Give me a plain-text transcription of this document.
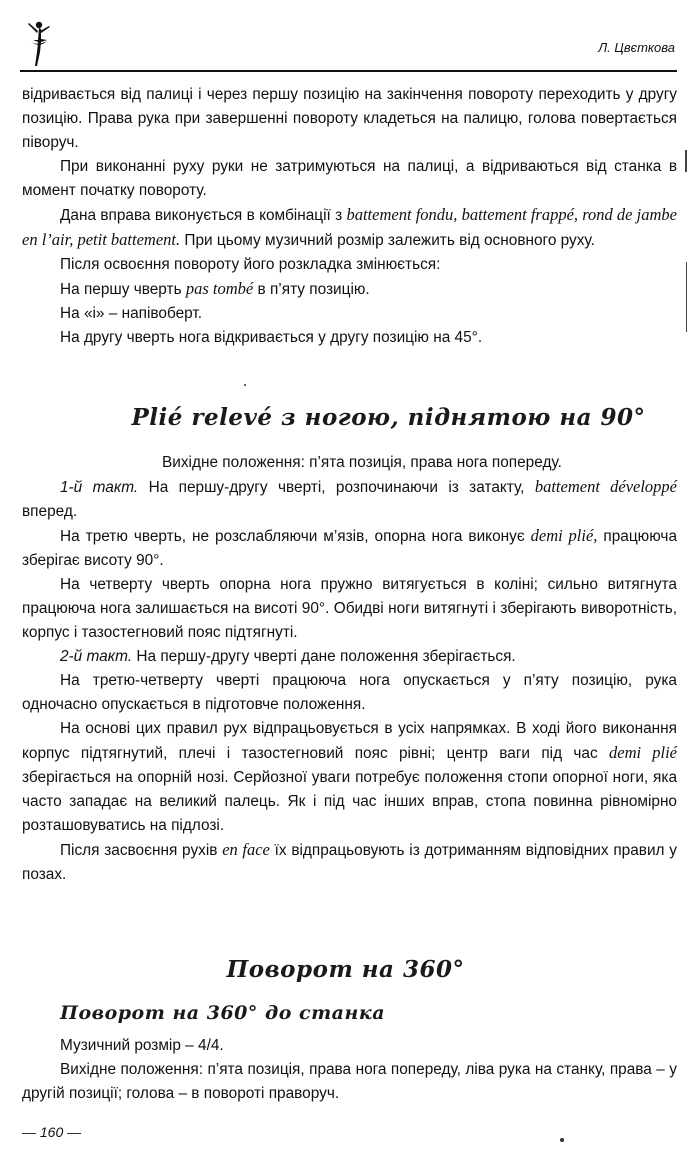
Л. Цвєткова

відривається від палиці і через першу позицію на закінчення повороту переходить у другу позицію. Права рука при завершенні повороту кладеться на палицю, голова повертається піворуч.

При виконанні руху руки не затримуються на палиці, а відриваються від станка в момент початку повороту.

Дана вправа виконується в комбінації з battement fondu, battement frappé, rond de jambe en l’air, petit battement. При цьому музичний розмір залежить від основного руху.

Після освоєння повороту його розкладка змінюється:

На першу чверть pas tombé в п’яту позицію.

На «і» – напівоберт.

На другу чверть нога відкривається у другу позицію на 45°.

Plié relevé з ногою, піднятою на 90°

Вихідне положення: п’ята позиція, права нога попереду.

1-й такт. На першу-другу чверті, розпочинаючи із затакту, battement développé вперед.

На третю чверть, не розслабляючи м’язів, опорна нога виконує demi plié, працююча зберігає висоту 90°.

На четверту чверть опорна нога пружно витягується в коліні; сильно витягнута працююча нога залишається на висоті 90°. Обидві ноги витягнуті і зберігають виворотність, корпус і тазостегновий пояс підтягнуті.

2-й такт. На першу-другу чверті дане положення зберігається.

На третю-четверту чверті працююча нога опускається у п’яту позицію, рука одночасно опускається в підготовче положення.

На основі цих правил рух відпрацьовується в усіх напрямках. В ході його виконання корпус підтягнутий, плечі і тазостегновий пояс рівні; центр ваги під час demi plié зберігається на опорній нозі. Серйозної уваги потребує положення стопи опорної ноги, яка часто западає на великий палець. Як і під час інших вправ, стопа повинна рівномірно розташовуватись на підлозі.

Після засвоєння рухів en face їх відпрацьовують із дотриманням відповідних правил у позах.

Поворот на 360°
Поворот на 360° до станка

Музичний розмір – 4/4.

Вихідне положення: п’ята позиція, права нога попереду, ліва рука на станку, права – у другій позиції; голова – в повороті праворуч.

— 160 —
